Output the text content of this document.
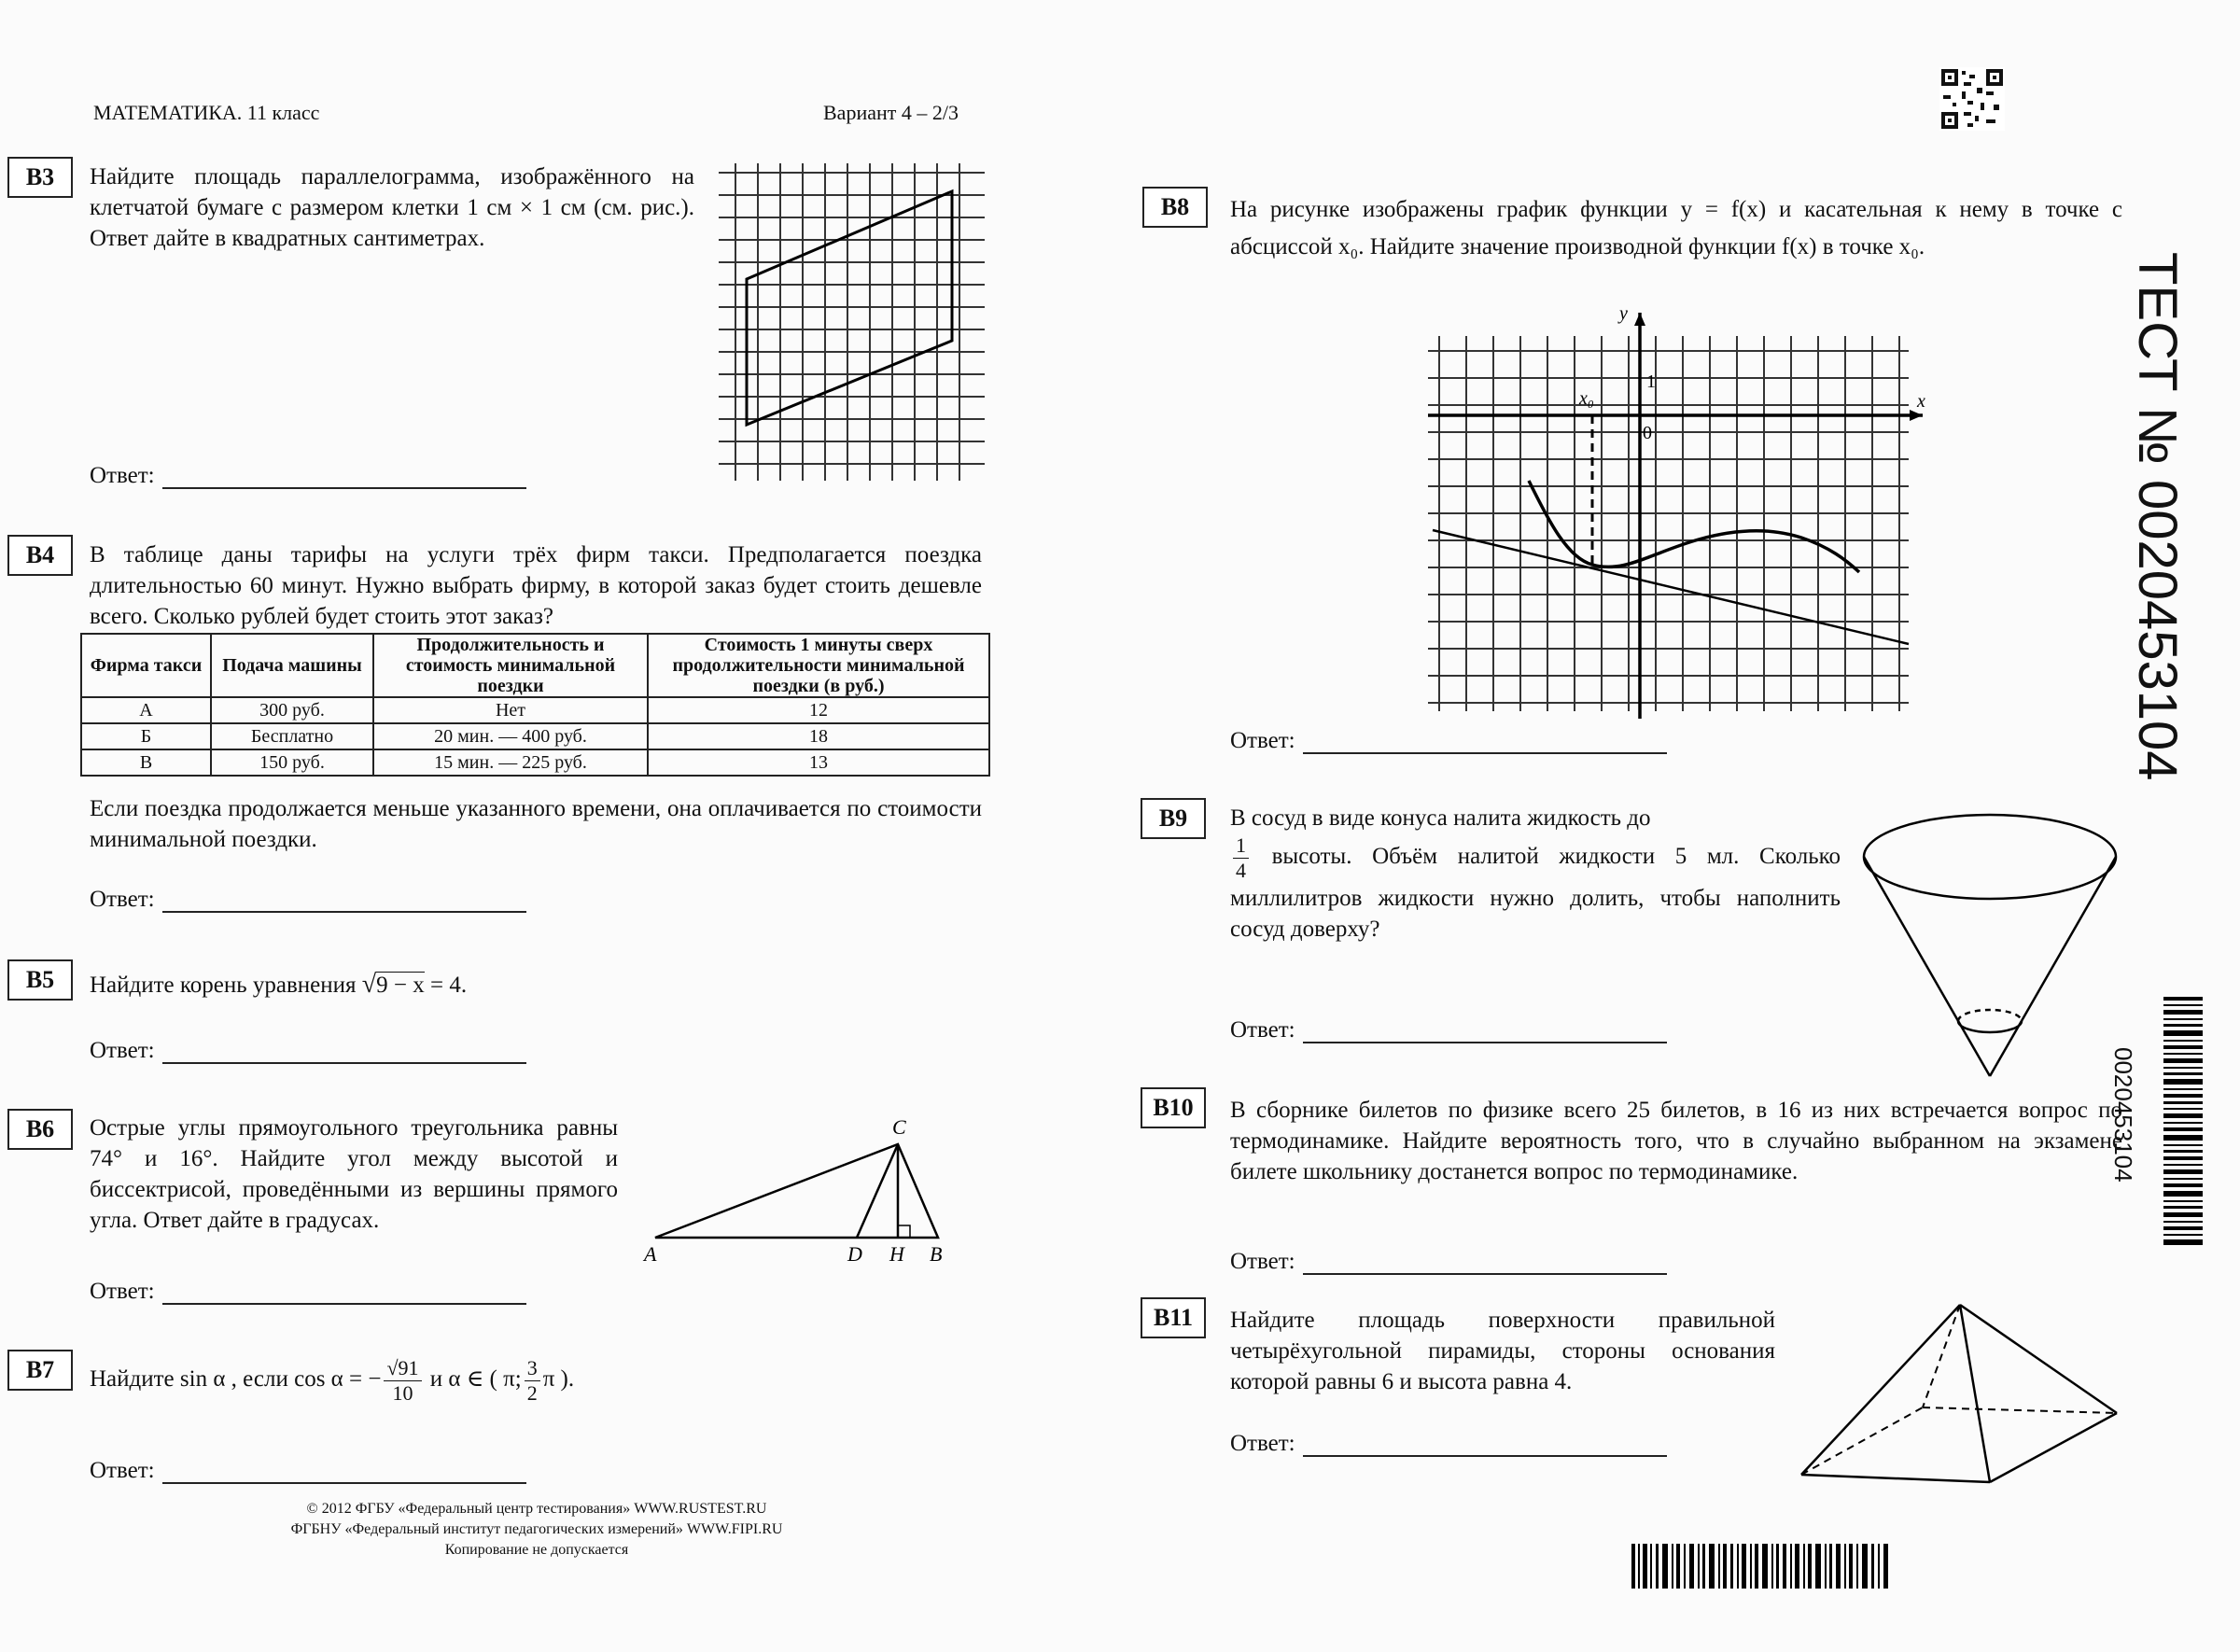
МАТЕМАТИКА. 11 класс	Вариант 4 – 2/3
B3	Найдите площадь параллелограмма, изображённого на клетчатой бумаге с размером клетки 1 см × 1 см (см. рис.). Ответ дайте в квадратных сантиметрах.
Ответ:
B4	В таблице даны тарифы на услуги трёх фирм такси. Предполагается поездка длительностью 60 минут. Нужно выбрать фирму, в которой заказ будет стоить дешевле всего. Сколько рублей будет стоить этот заказ?
Фирма такси	Подача машины	Продолжительность и стоимость минимальной поездки	Стоимость 1 минуты сверх продолжительности минимальной поездки (в руб.)
А	300 руб.	Нет	12
Б	Бесплатно	20 мин. — 400 руб.	18
В	150 руб.	15 мин. — 225 руб.	13
Если поездка продолжается меньше указанного времени, она оплачивается по стоимости минимальной поездки.
Ответ:
B5	Найдите корень уравнения √9 − x = 4.
Ответ:
B6	Острые углы прямоугольного треугольника равны 74° и 16°. Найдите угол между высотой и биссектрисой, проведёнными из вершины прямого угла. Ответ дайте в градусах.
C
A	D H B
Ответ:
B7	Найдите sin α , если cos α = − $\frac{√91}{10}$ и α ∈ ( π; $\frac{3}{2}$ π ).
Ответ:
© 2012 ФГБУ «Федеральный центр тестирования» WWW.RUSTEST.RU
ФГБНУ «Федеральный институт педагогических измерений» WWW.FIPI.RU
Копирование не допускается
B8	На рисунке изображены график функции y = f(x) и касательная к нему в точке с абсциссой x₀. Найдите значение производной функции f(x) в точке x₀.
y
x
1
0
x₀
Ответ:
B9	В сосуд в виде конуса налита жидкость до

$\frac{1}{4}$ высоты. Объём налитой жидкости 5 мл. Сколько миллилитров жидкости нужно долить, чтобы наполнить сосуд доверху?
Ответ:
B10	В сборнике билетов по физике всего 25 билетов, в 16 из них встречается вопрос по термодинамике. Найдите вероятность того, что в случайно выбранном на экзамене билете школьнику достанется вопрос по термодинамике.
Ответ:
B11	Найдите площадь поверхности правильной четырёхугольной пирамиды, стороны основания которой равны 6 и высота равна 4.
Ответ:
ТЕСТ № 0020453104
0020453104
